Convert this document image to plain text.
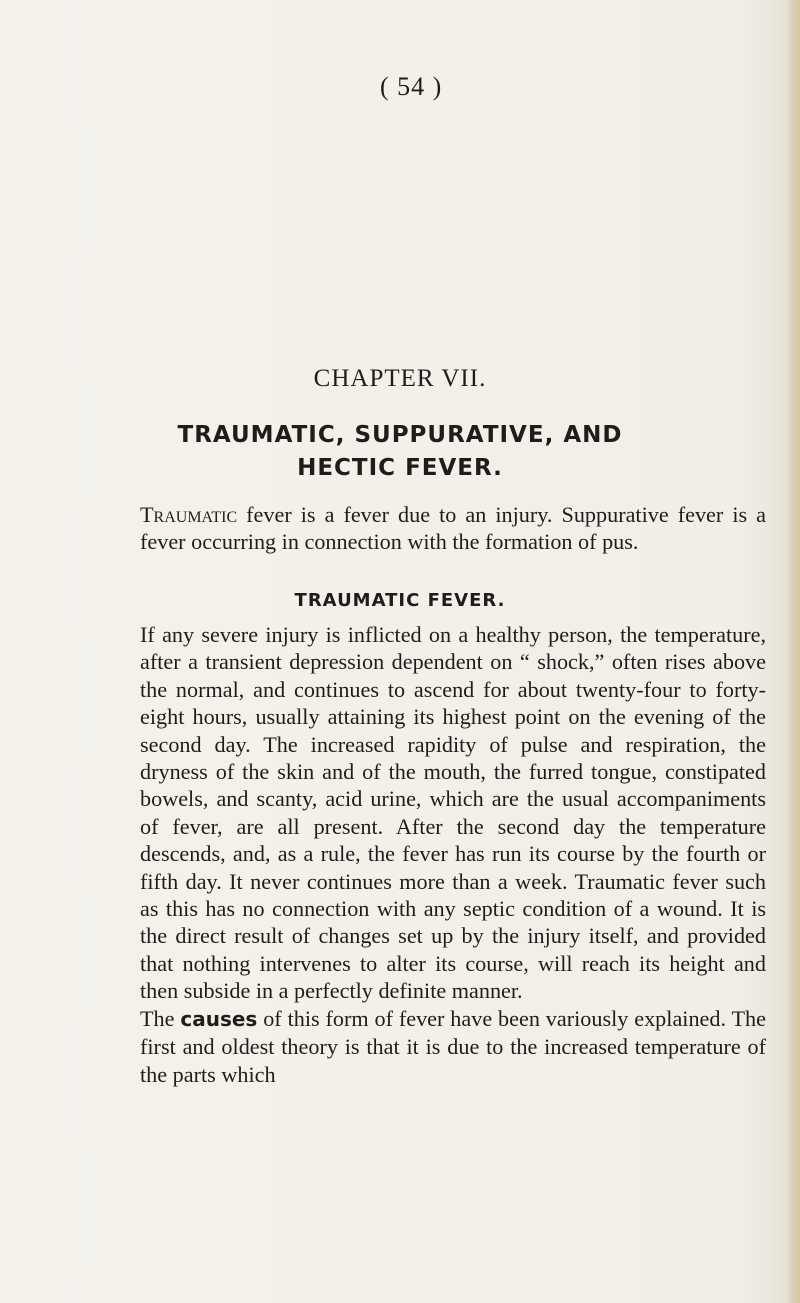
( 54 )
CHAPTER VII.
TRAUMATIC, SUPPURATIVE, AND
HECTIC FEVER.

Traumatic fever is a fever due to an injury. Suppurative fever is a fever occurring in connection with the formation of pus.

TRAUMATIC FEVER.
If any severe injury is inflicted on a healthy person, the temperature, after a transient depression dependent on “ shock,” often rises above the normal, and continues to ascend for about twenty-four to forty-eight hours, usually attaining its highest point on the evening of the second day. The increased rapidity of pulse and respiration, the dryness of the skin and of the mouth, the furred tongue, constipated bowels, and scanty, acid urine, which are the usual accompaniments of fever, are all present. After the second day the temperature descends, and, as a rule, the fever has run its course by the fourth or fifth day. It never continues more than a week. Traumatic fever such as this has no connection with any septic condition of a wound. It is the direct result of changes set up by the injury itself, and provided that nothing intervenes to alter its course, will reach its height and then subside in a perfectly definite manner.
The causes of this form of fever have been variously explained. The first and oldest theory is that it is due to the increased temperature of the parts which
